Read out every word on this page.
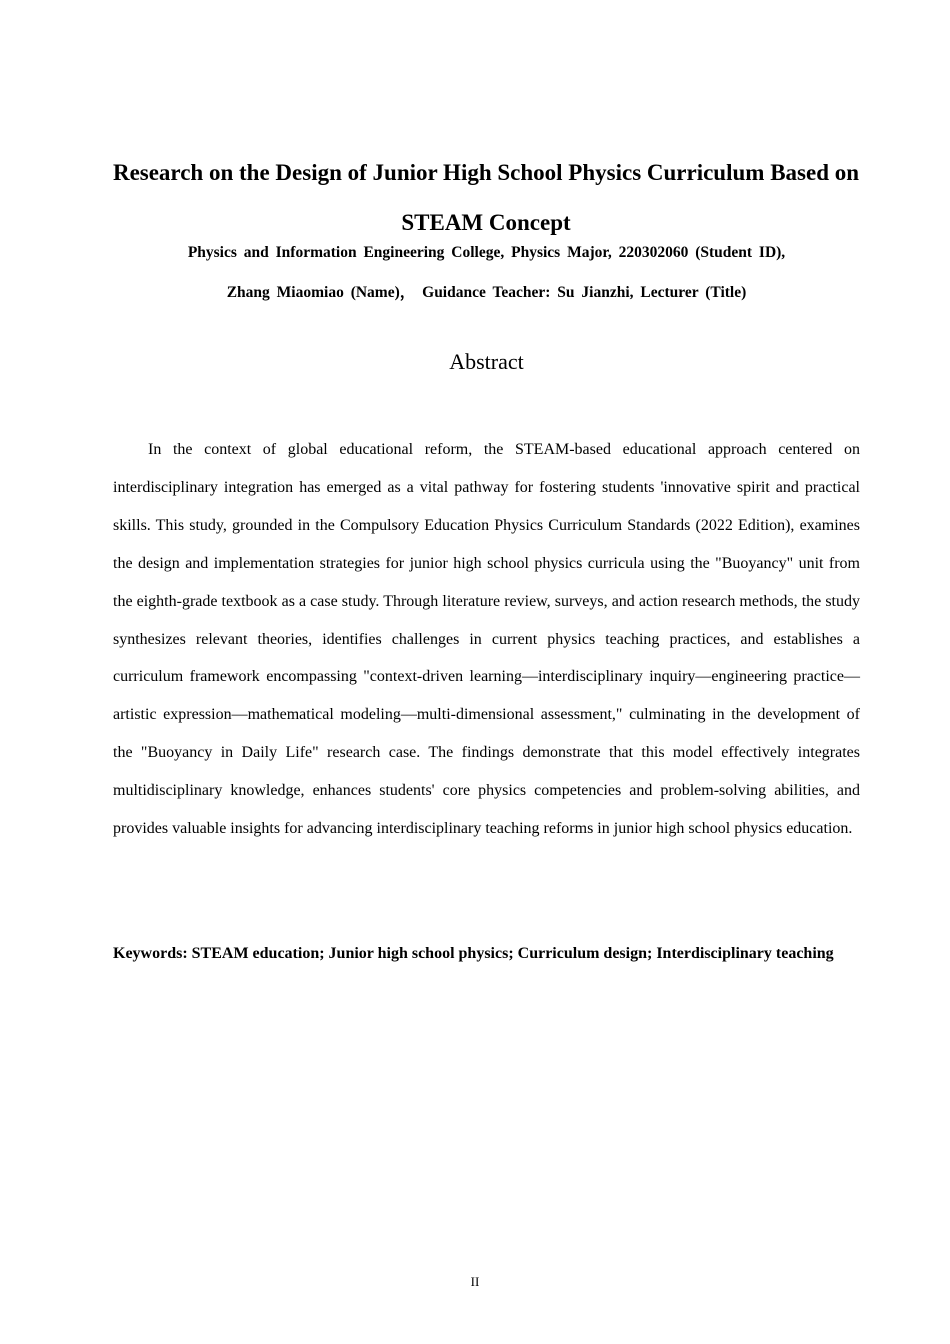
Research on the Design of Junior High School Physics Curriculum Based on STEAM Concept

Physics and Information Engineering College, Physics Major, 220302060 (Student ID),

Zhang Miaomiao (Name)， Guidance Teacher: Su Jianzhi, Lecturer (Title)

Abstract

In the context of global educational reform, the STEAM-based educational approach centered on interdisciplinary integration has emerged as a vital pathway for fostering students 'innovative spirit and practical skills. This study, grounded in the Compulsory Education Physics Curriculum Standards (2022 Edition), examines the design and implementation strategies for junior high school physics curricula using the "Buoyancy" unit from the eighth-grade textbook as a case study. Through literature review, surveys, and action research methods, the study synthesizes relevant theories, identifies challenges in current physics teaching practices, and establishes a curriculum framework encompassing "context-driven learning—interdisciplinary inquiry—engineering practice—artistic expression—mathematical modeling—multi-dimensional assessment," culminating in the development of the "Buoyancy in Daily Life" research case. The findings demonstrate that this model effectively integrates multidisciplinary knowledge, enhances students' core physics competencies and problem-solving abilities, and provides valuable insights for advancing interdisciplinary teaching reforms in junior high school physics education.

Keywords: STEAM education; Junior high school physics; Curriculum design; Interdisciplinary teaching

II
